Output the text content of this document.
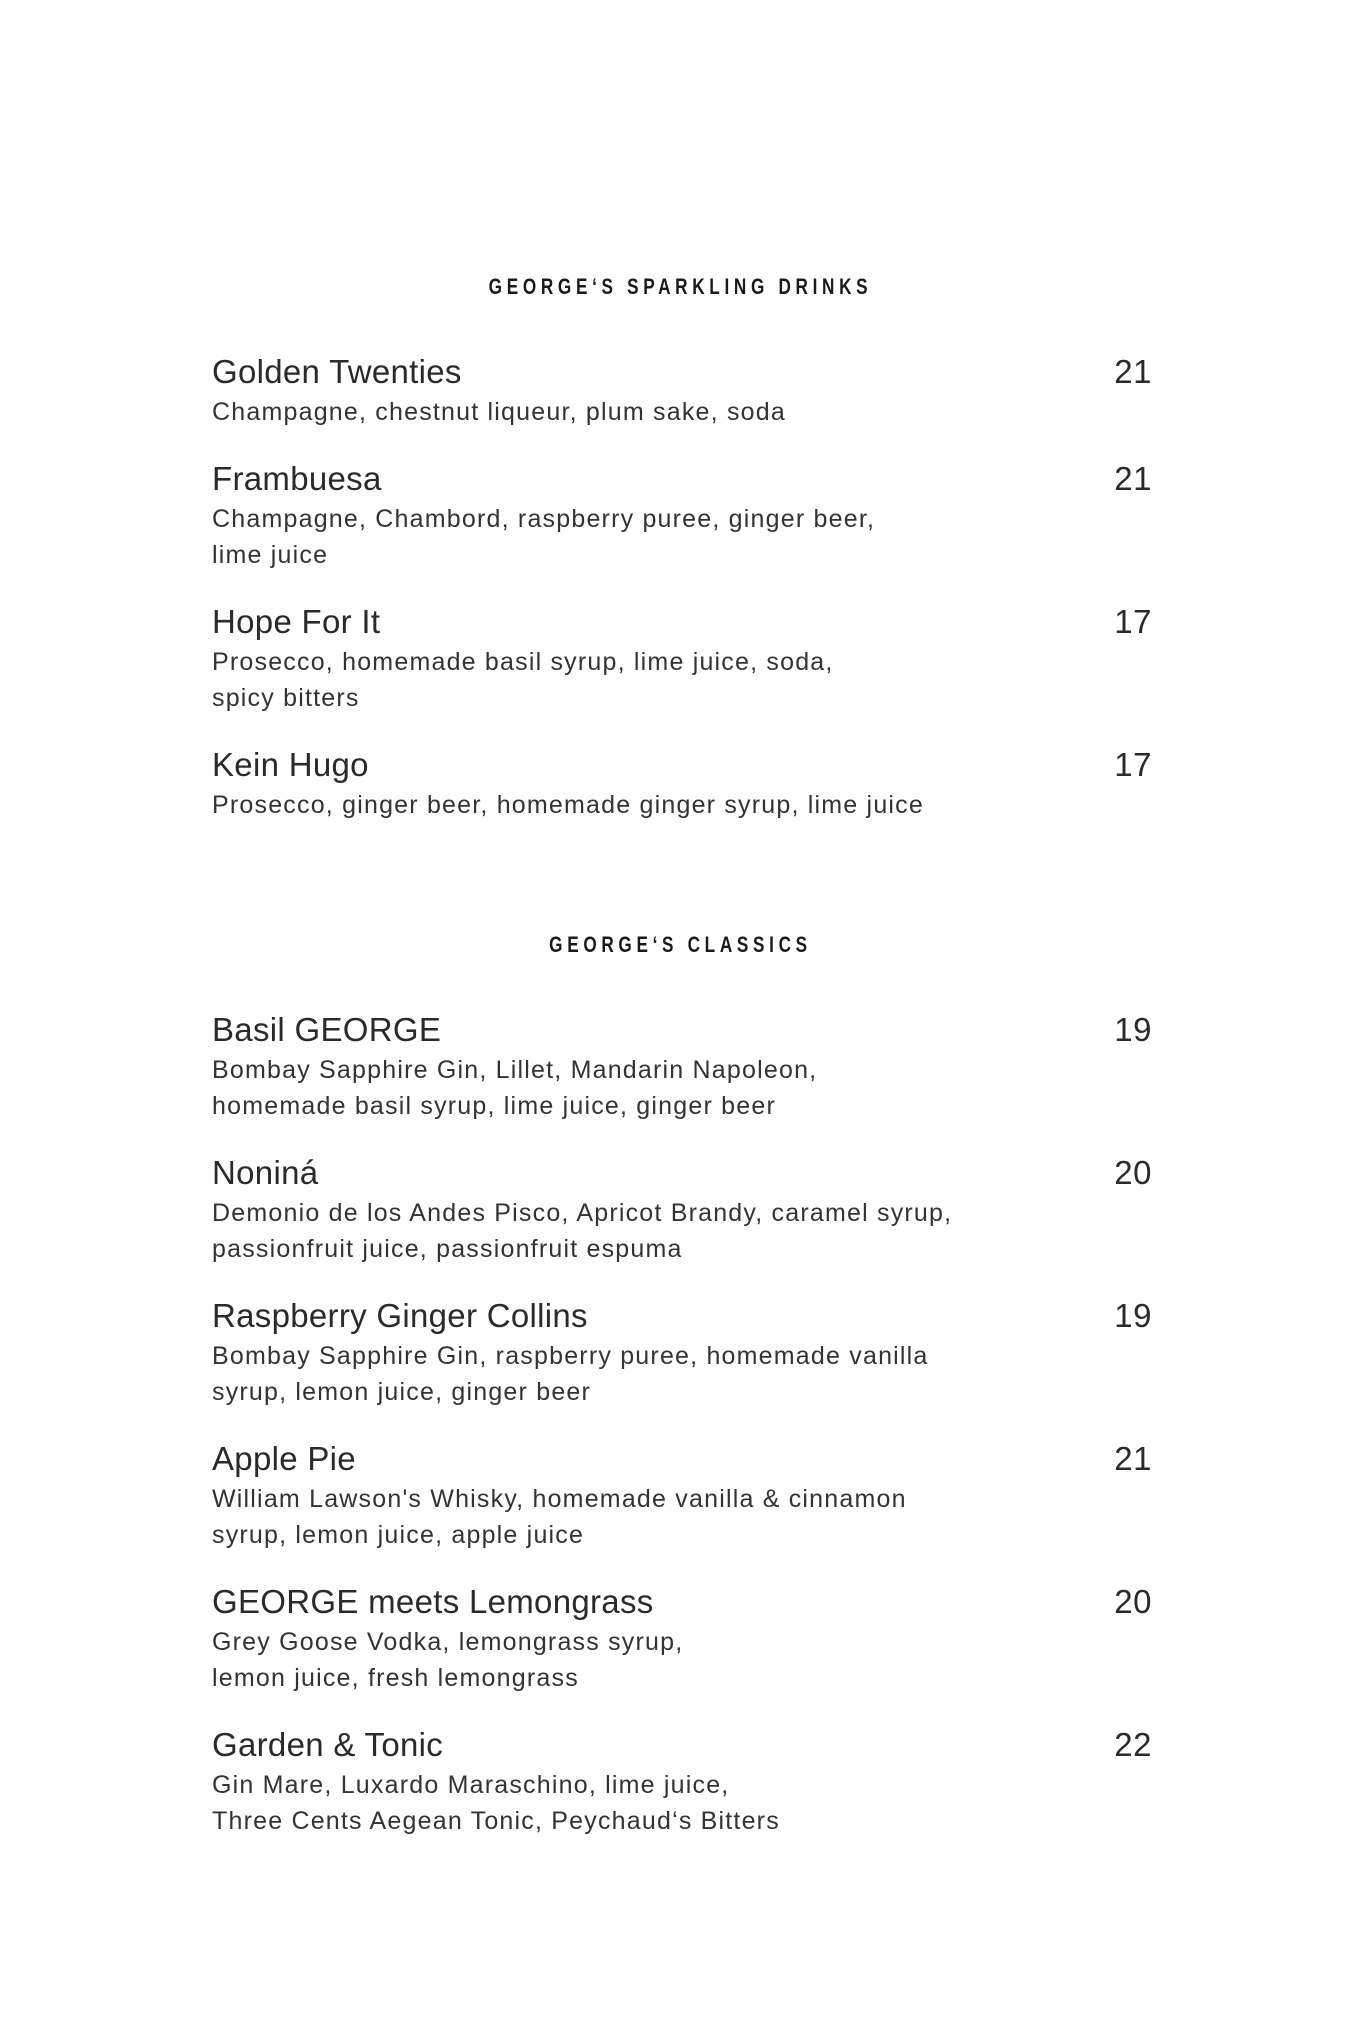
GEORGE‘S SPARKLING DRINKS
Golden Twenties	21
Champagne, chestnut liqueur, plum sake, soda
Frambuesa	21
Champagne, Chambord, raspberry puree, ginger beer,
lime juice
Hope For It	17
Prosecco, homemade basil syrup, lime juice, soda,
spicy bitters
Kein Hugo	17
Prosecco, ginger beer, homemade ginger syrup, lime juice
GEORGE‘S CLASSICS
Basil GEORGE	19
Bombay Sapphire Gin, Lillet, Mandarin Napoleon,
homemade basil syrup, lime juice, ginger beer
Noniná	20
Demonio de los Andes Pisco, Apricot Brandy, caramel syrup,
passionfruit juice, passionfruit espuma
Raspberry Ginger Collins	19
Bombay Sapphire Gin, raspberry puree, homemade vanilla
syrup, lemon juice, ginger beer
Apple Pie	21
William Lawson's Whisky, homemade vanilla & cinnamon
syrup, lemon juice, apple juice
GEORGE meets Lemongrass	20
Grey Goose Vodka, lemongrass syrup,
lemon juice, fresh lemongrass
Garden & Tonic	22
Gin Mare, Luxardo Maraschino, lime juice,
Three Cents Aegean Tonic, Peychaud‘s Bitters
